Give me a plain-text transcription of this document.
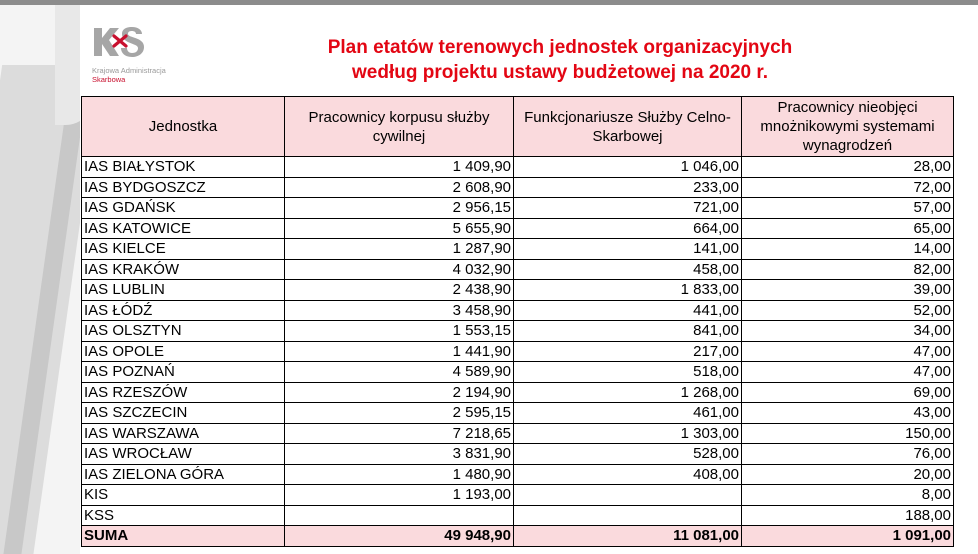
Krajowa Administracja
Skarbowa
Plan etatów terenowych jednostek organizacyjnych
według projektu ustawy budżetowej na 2020 r.
Jednostka	Pracownicy korpusu służby cywilnej	Funkcjonariusze Służby Celno-Skarbowej	Pracownicy nieobjęci mnożnikowymi systemami wynagrodzeń
IAS BIAŁYSTOK	1 409,90	1 046,00	28,00
IAS BYDGOSZCZ	2 608,90	233,00	72,00
IAS GDAŃSK	2 956,15	721,00	57,00
IAS KATOWICE	5 655,90	664,00	65,00
IAS KIELCE	1 287,90	141,00	14,00
IAS KRAKÓW	4 032,90	458,00	82,00
IAS LUBLIN	2 438,90	1 833,00	39,00
IAS ŁÓDŹ	3 458,90	441,00	52,00
IAS OLSZTYN	1 553,15	841,00	34,00
IAS OPOLE	1 441,90	217,00	47,00
IAS POZNAŃ	4 589,90	518,00	47,00
IAS RZESZÓW	2 194,90	1 268,00	69,00
IAS SZCZECIN	2 595,15	461,00	43,00
IAS WARSZAWA	7 218,65	1 303,00	150,00
IAS WROCŁAW	3 831,90	528,00	76,00
IAS ZIELONA GÓRA	1 480,90	408,00	20,00
KIS	1 193,00		8,00
KSS			188,00
SUMA	49 948,90	11 081,00	1 091,00
